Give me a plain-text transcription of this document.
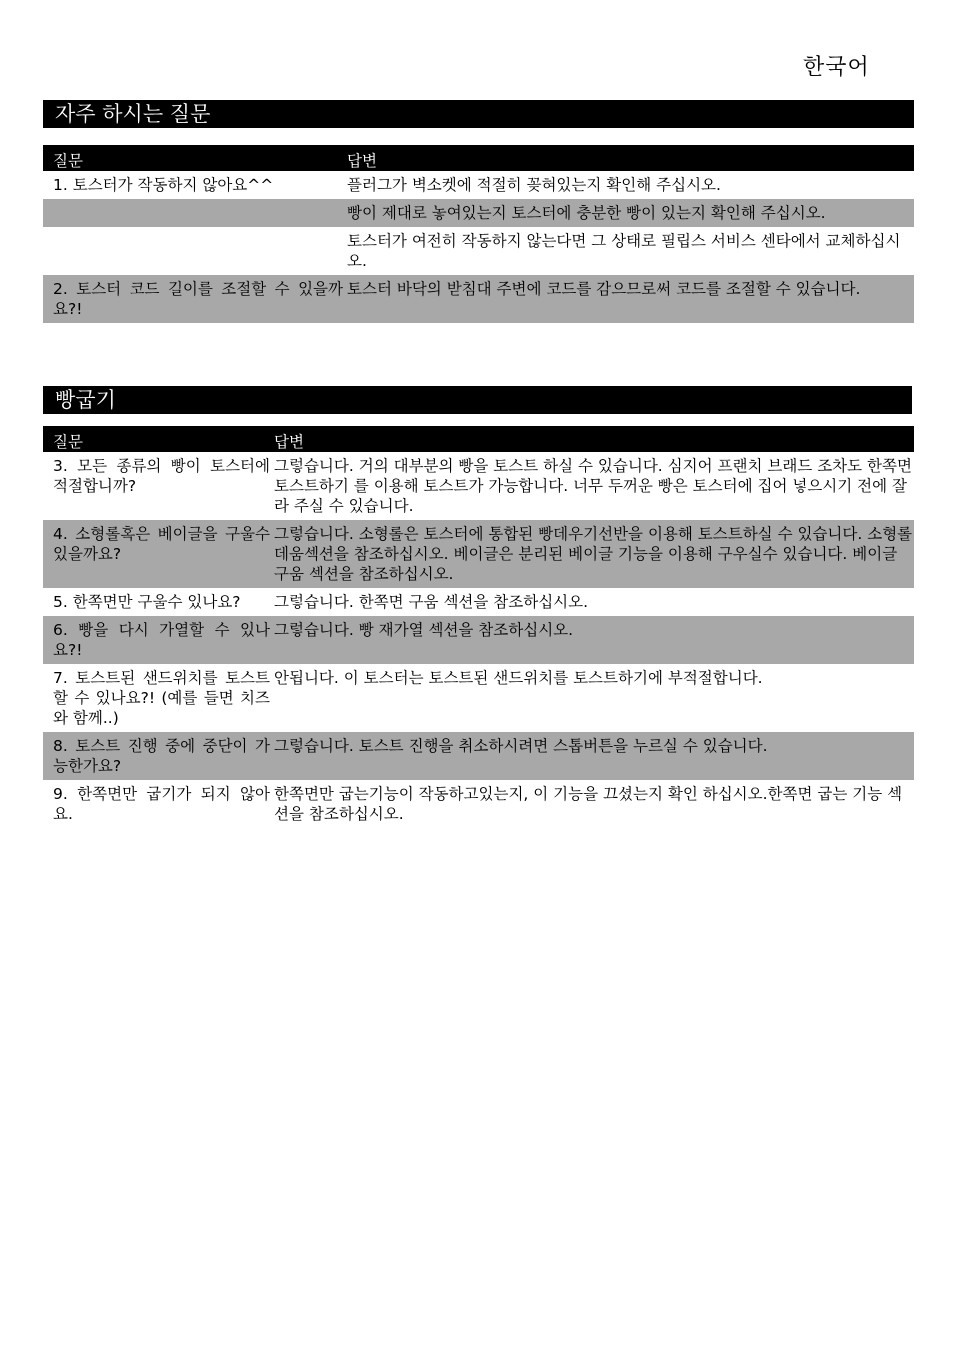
한국어
자주 하시는 질문
질문	답변
1. 토스터가 작동하지 않아요^^	플러그가 벽소켓에 적절히 꽂혀있는지 확인해 주십시오.
	빵이 제대로 놓여있는지 토스터에 충분한 빵이 있는지 확인해 주십시오.
	토스터가 여전히 작동하지 않는다면 그 상태로 필립스 서비스 센타에서 교체하십시오.
2. 토스터 코드 길이를 조절할 수 있을까요?!	토스터 바닥의 받침대 주변에 코드를 감으므로써 코드를 조절할 수 있습니다.
빵굽기
질문	답변
3. 모든 종류의 빵이 토스터에 적절합니까?	그렇습니다. 거의 대부분의 빵을 토스트 하실 수 있습니다. 심지어 프랜치 브래드 조차도 한쪽면 토스트하기 를 이용해 토스트가 가능합니다. 너무 두꺼운 빵은 토스터에 집어 넣으시기 전에 잘라 주실 수 있습니다.
4. 소형롤혹은 베이글을 구울수 있을까요?	그렇습니다. 소형롤은 토스터에 통합된 빵데우기선반을 이용해 토스트하실 수 있습니다. 소형롤 데움섹션을 참조하십시오. 베이글은 분리된 베이글 기능을 이용해 구우실수 있습니다. 베이글 구움 섹션을 참조하십시오.
5. 한쪽면만 구울수 있나요?	그렇습니다. 한쪽면 구움 섹션을 참조하십시오.
6. 빵을 다시 가열할 수 있나요?!	그렇습니다. 빵 재가열 섹션을 참조하십시오.
7. 토스트된 샌드위치를 토스트 할 수 있나요?! (예를 들면 치즈와 함께..)	안됩니다. 이 토스터는 토스트된 샌드위치를 토스트하기에 부적절합니다.
8. 토스트 진행 중에 중단이 가능한가요?	그렇습니다. 토스트 진행을 취소하시려면 스톱버튼을 누르실 수 있습니다.
9. 한쪽면만 굽기가 되지 않아요.	한쪽면만 굽는기능이 작동하고있는지, 이 기능을 끄셨는지 확인 하십시오.한쪽면 굽는 기능 섹션을 참조하십시오.
